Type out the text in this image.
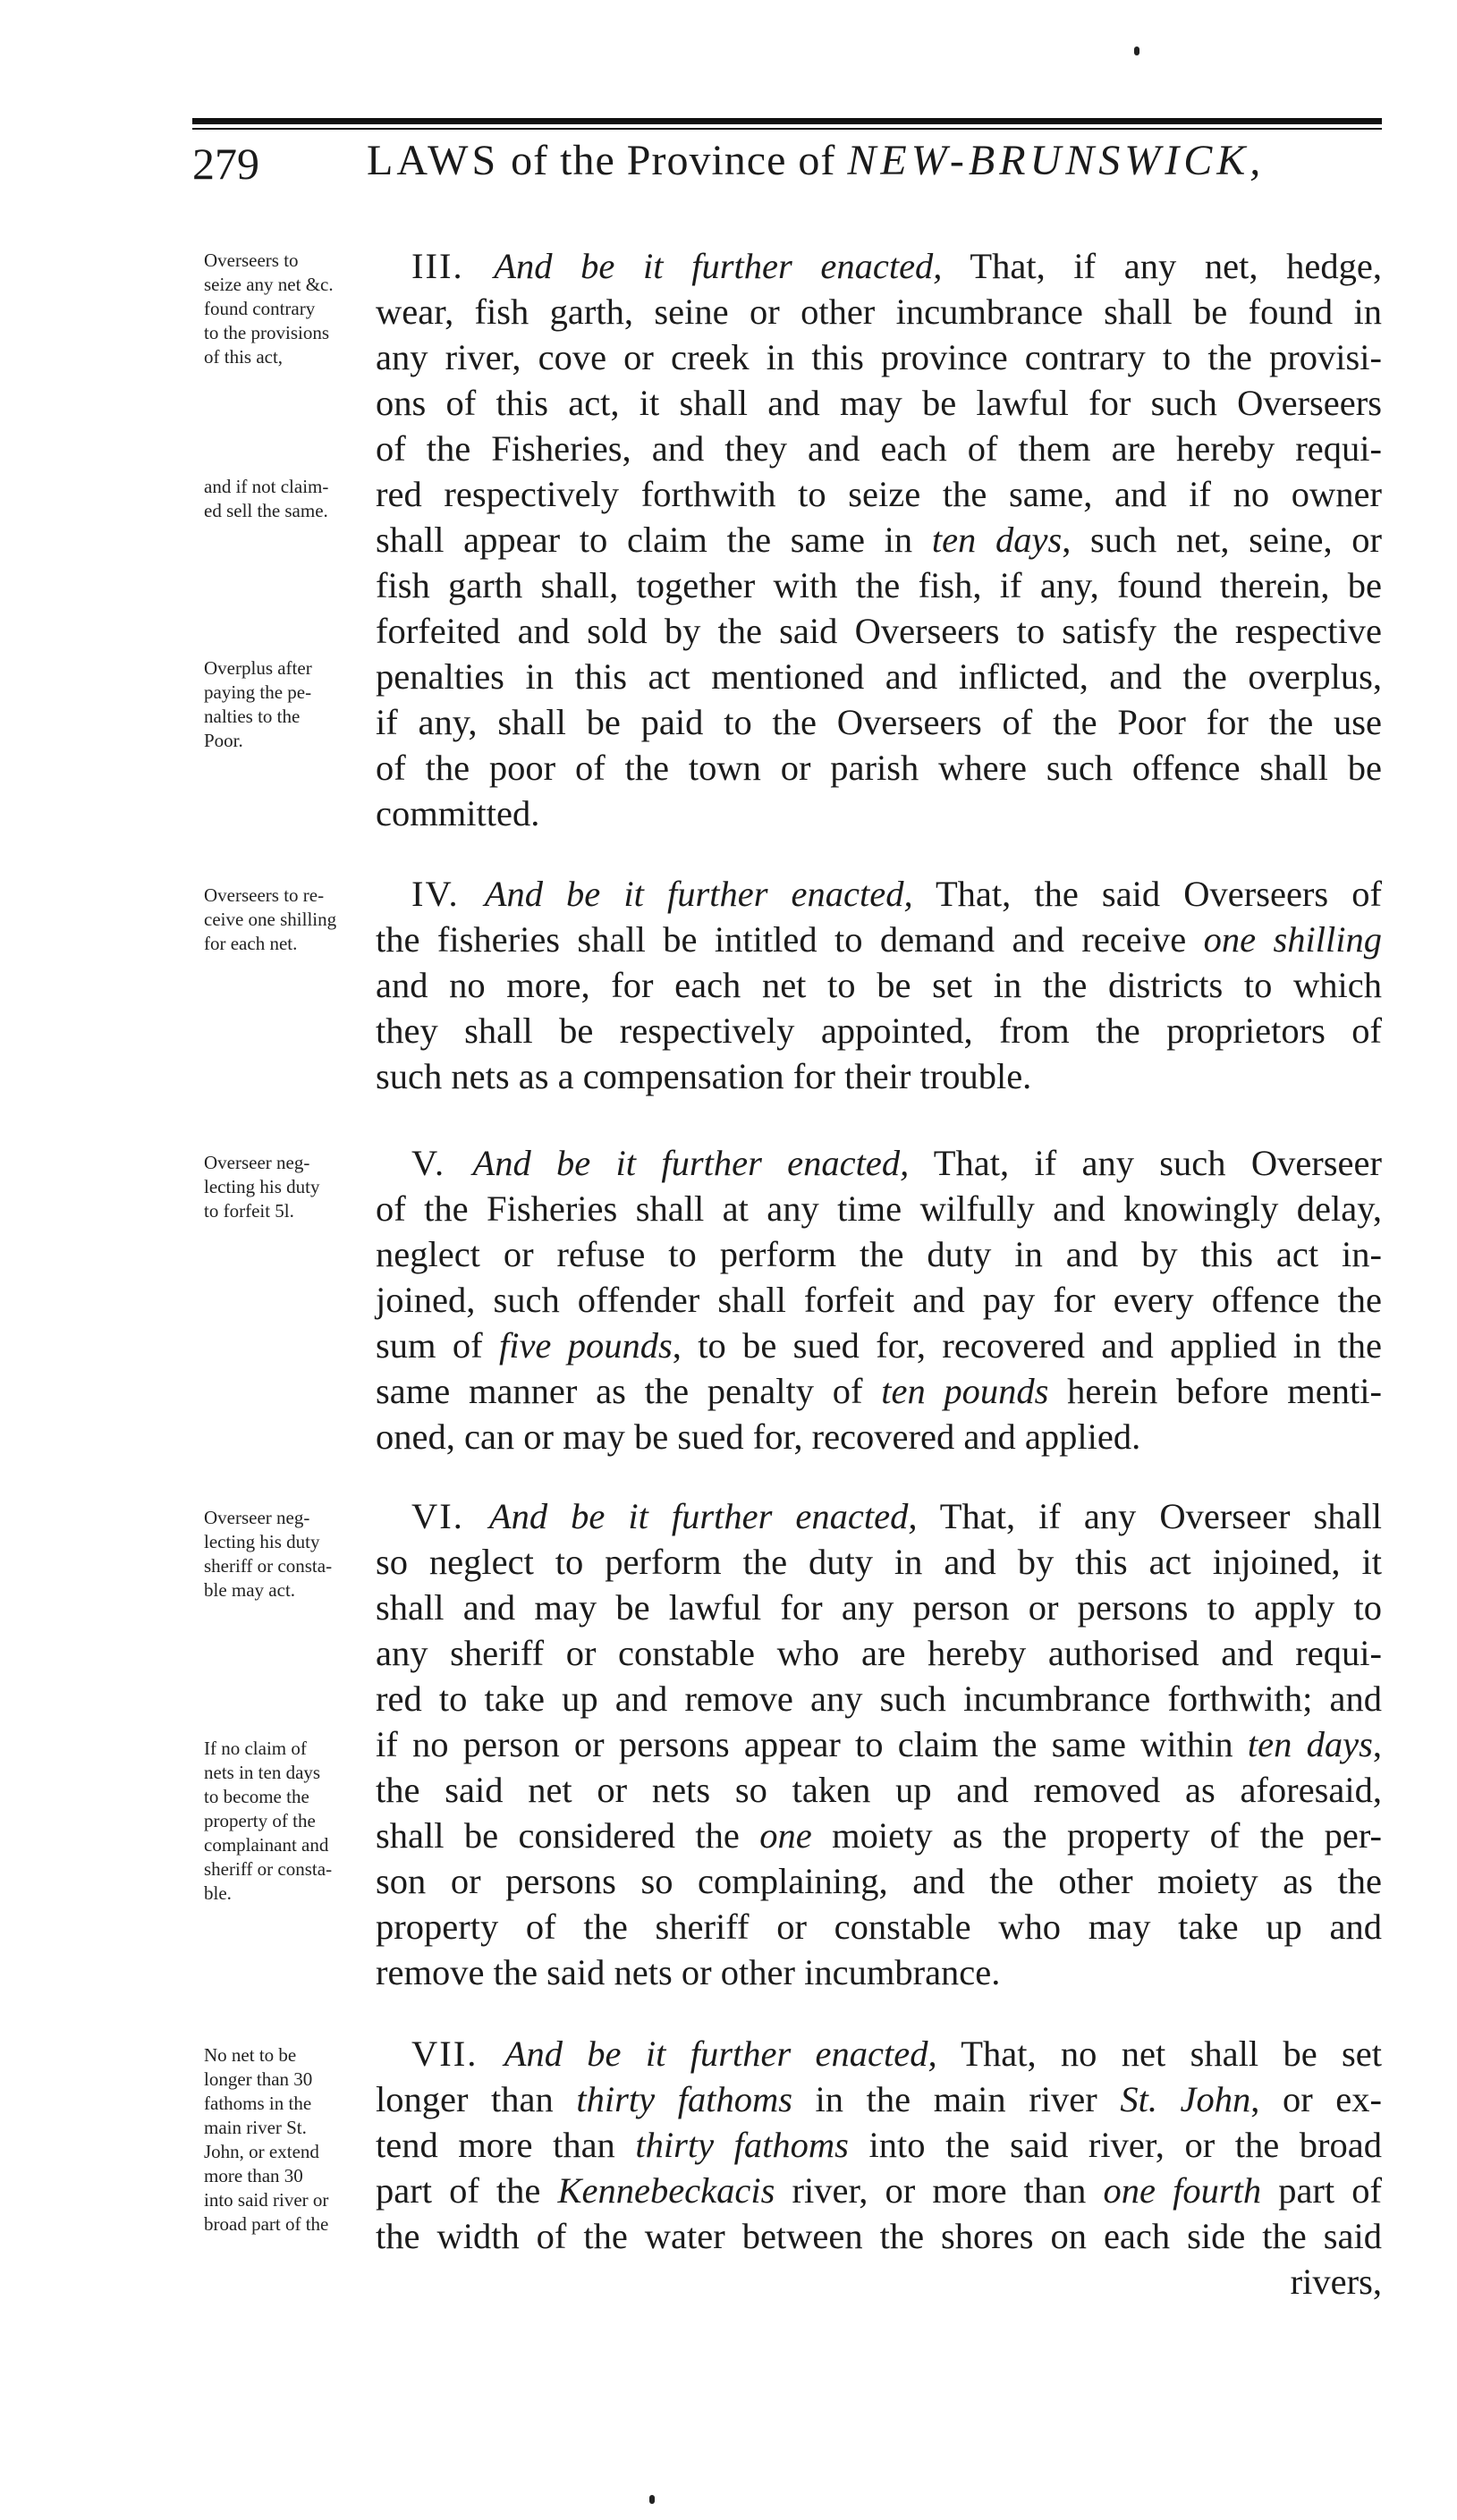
279	LAWS of the Province of NEW-BRUNSWICK,
Overseers to
seize any net &c.
found contrary
to the provisions
of this act,
and if not claim-
ed sell the same.
Overplus after
paying the pe-
nalties to the
Poor.
III. And be it further enacted, That, if any net, hedge,
wear, fish garth, seine or other incumbrance shall be found in
any river, cove or creek in this province contrary to the provisi-
ons of this act, it shall and may be lawful for such Overseers
of the Fisheries, and they and each of them are hereby requi-
red respectively forthwith to seize the same, and if no owner
shall appear to claim the same in ten days, such net, seine, or
fish garth shall, together with the fish, if any, found therein, be
forfeited and sold by the said Overseers to satisfy the respective
penalties in this act mentioned and inflicted, and the overplus,
if any, shall be paid to the Overseers of the Poor for the use
of the poor of the town or parish where such offence shall be
committed.
Overseers to re-
ceive one shilling
for each net.
IV. And be it further enacted, That, the said Overseers of
the fisheries shall be intitled to demand and receive one shilling
and no more, for each net to be set in the districts to which
they shall be respectively appointed, from the proprietors of
such nets as a compensation for their trouble.
Overseer neg-
lecting his duty
to forfeit 5l.
V. And be it further enacted, That, if any such Overseer
of the Fisheries shall at any time wilfully and knowingly delay,
neglect or refuse to perform the duty in and by this act in-
joined, such offender shall forfeit and pay for every offence the
sum of five pounds, to be sued for, recovered and applied in the
same manner as the penalty of ten pounds herein before menti-
oned, can or may be sued for, recovered and applied.
Overseer neg-
lecting his duty
sheriff or consta-
ble may act.
If no claim of
nets in ten days
to become the
property of the
complainant and
sheriff or consta-
ble.
VI. And be it further enacted, That, if any Overseer shall
so neglect to perform the duty in and by this act injoined, it
shall and may be lawful for any person or persons to apply to
any sheriff or constable who are hereby authorised and requi-
red to take up and remove any such incumbrance forthwith; and
if no person or persons appear to claim the same within ten days,
the said net or nets so taken up and removed as aforesaid,
shall be considered the one moiety as the property of the per-
son or persons so complaining, and the other moiety as the
property of the sheriff or constable who may take up and
remove the said nets or other incumbrance.
No net to be
longer than 30
fathoms in the
main river St.
John, or extend
more than 30
into said river or
broad part of the
VII. And be it further enacted, That, no net shall be set
longer than thirty fathoms in the main river St. John, or ex-
tend more than thirty fathoms into the said river, or the broad
part of the Kennebeckacis river, or more than one fourth part of
the width of the water between the shores on each side the said
rivers,
